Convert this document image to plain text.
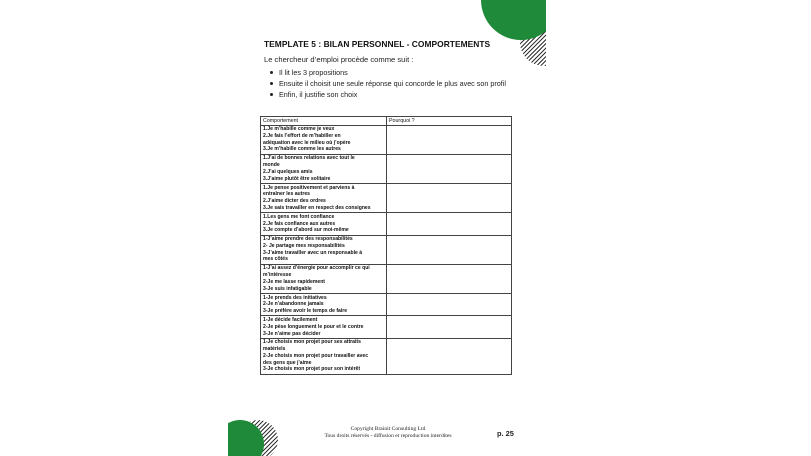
TEMPLATE 5 : BILAN PERSONNEL - COMPORTEMENTS
Le chercheur d’emploi procède comme suit :
Il lit les 3 propositions
Ensuite il choisit une seule réponse qui concorde le plus avec son profil
Enfin, il justifie son choix
Comportement	Pourquoi ?

1.Je m’habille comme je veux
2.Je fais l’effort de m’habiller en
adéquation avec le milieu où j’opère
3.Je m’habille comme les autres	

1.J’ai de bonnes relations avec tout le
monde
2.J’ai quelques amis
3.J’aime plutôt être solitaire	

1.Je pense positivement et parviens à
entraîner les autres
2.J’aime dicter des ordres
3.Je sais travailler en respect des consignes	

1.Les gens me font confiance
2.Je fais confiance aux autres
3.Je compte d’abord sur moi-même	

1-J’aime prendre des responsabilités
2- Je partage mes responsabilités
3-J’aime travailler avec un responsable à
mes côtés	

1-J’ai assez d’énergie pour accomplir ce qui
m’intéresse
2-Je me lasse rapidement
3-Je suis infatigable	

1-Je prends des initiatives
2-Je n’abandonne jamais
3-Je préfère avoir le temps de faire	

1-Je décide facilement
2-Je pèse longuement le pour et le contre
3-Je n’aime pas décider	

1-Je choisis mon projet pour ses attraits
matériels
2-Je choisis mon projet pour travailler avec
des gens que j’aime
3-Je choisis mon projet pour son intérêt	

Copyright Brainit Consulting Ltd
Tous droits réservés - diffusion et reproduction interdites	p. 25
